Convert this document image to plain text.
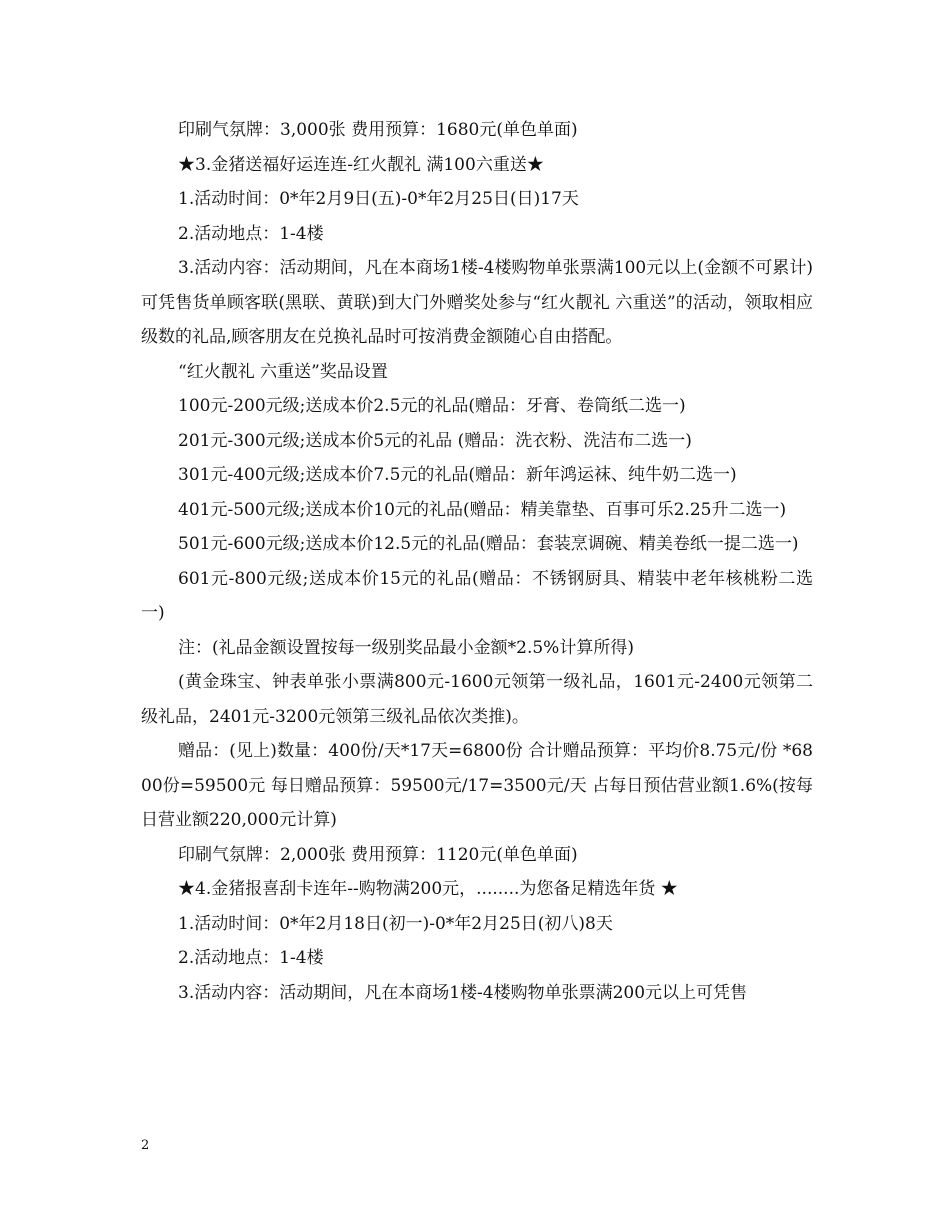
印刷气氛牌：3,000张 费用预算：1680元(单色单面)

★3.金猪送福好运连连-红火靓礼 满100六重送★

1.活动时间：0*年2月9日(五)-0*年2月25日(日)17天

2.活动地点：1-4楼

3.活动内容：活动期间，凡在本商场1楼-4楼购物单张票满100元以上(金额不可累计)可凭售货单顾客联(黑联、黄联)到大门外赠奖处参与“红火靓礼 六重送”的活动，领取相应级数的礼品,顾客朋友在兑换礼品时可按消费金额随心自由搭配。

“红火靓礼 六重送”奖品设置

100元-200元级;送成本价2.5元的礼品(赠品：牙膏、卷筒纸二选一)

201元-300元级;送成本价5元的礼品 (赠品：洗衣粉、洗洁布二选一)

301元-400元级;送成本价7.5元的礼品(赠品：新年鸿运袜、纯牛奶二选一)

401元-500元级;送成本价10元的礼品(赠品：精美靠垫、百事可乐2.25升二选一)

501元-600元级;送成本价12.5元的礼品(赠品：套装烹调碗、精美卷纸一提二选一)

601元-800元级;送成本价15元的礼品(赠品：不锈钢厨具、精装中老年核桃粉二选一)

注：(礼品金额设置按每一级别奖品最小金额*2.5%计算所得)

(黄金珠宝、钟表单张小票满800元-1600元领第一级礼品，1601元-2400元领第二级礼品，2401元-3200元领第三级礼品依次类推)。

赠品：(见上)数量：400份/天*17天=6800份 合计赠品预算：平均价8.75元/份 *6800份=59500元 每日赠品预算：59500元/17=3500元/天 占每日预估营业额1.6%(按每日营业额220,000元计算)

印刷气氛牌：2,000张 费用预算：1120元(单色单面)

★4.金猪报喜刮卡连年--购物满200元，........为您备足精选年货 ★

1.活动时间：0*年2月18日(初一)-0*年2月25日(初八)8天

2.活动地点：1-4楼

3.活动内容：活动期间，凡在本商场1楼-4楼购物单张票满200元以上可凭售

2
